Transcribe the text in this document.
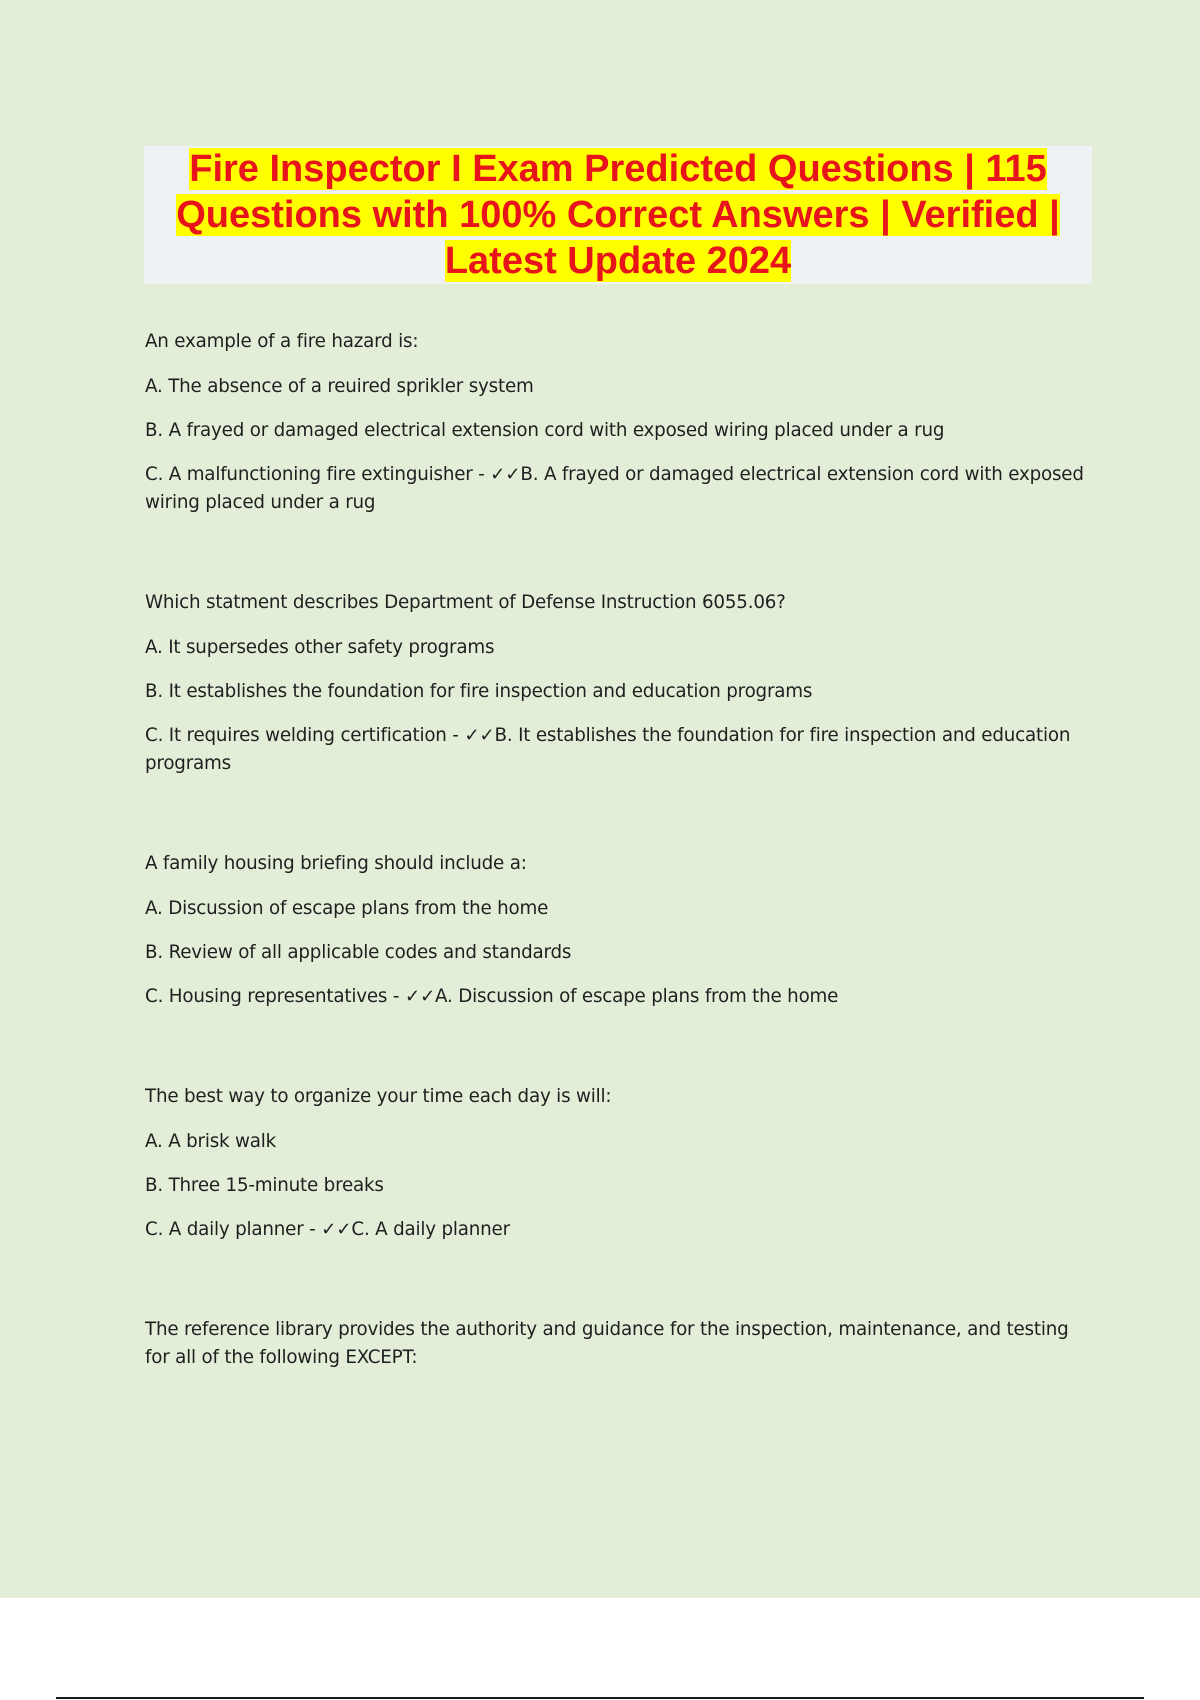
Fire Inspector I Exam Predicted Questions | 115
Questions with 100% Correct Answers | Verified |
Latest Update 2024
An example of a fire hazard is:
A. The absence of a reuired sprikler system
B. A frayed or damaged electrical extension cord with exposed wiring placed under a rug
C. A malfunctioning fire extinguisher - ✓✓B. A frayed or damaged electrical extension cord with exposed wiring placed under a rug
Which statment describes Department of Defense Instruction 6055.06?
A. It supersedes other safety programs
B. It establishes the foundation for fire inspection and education programs
C. It requires welding certification - ✓✓B. It establishes the foundation for fire inspection and education programs
A family housing briefing should include a:
A. Discussion of escape plans from the home
B. Review of all applicable codes and standards
C. Housing representatives - ✓✓A. Discussion of escape plans from the home
The best way to organize your time each day is will:
A. A brisk walk
B. Three 15-minute breaks
C. A daily planner - ✓✓C. A daily planner
The reference library provides the authority and guidance for the inspection, maintenance, and testing for all of the following EXCEPT:
